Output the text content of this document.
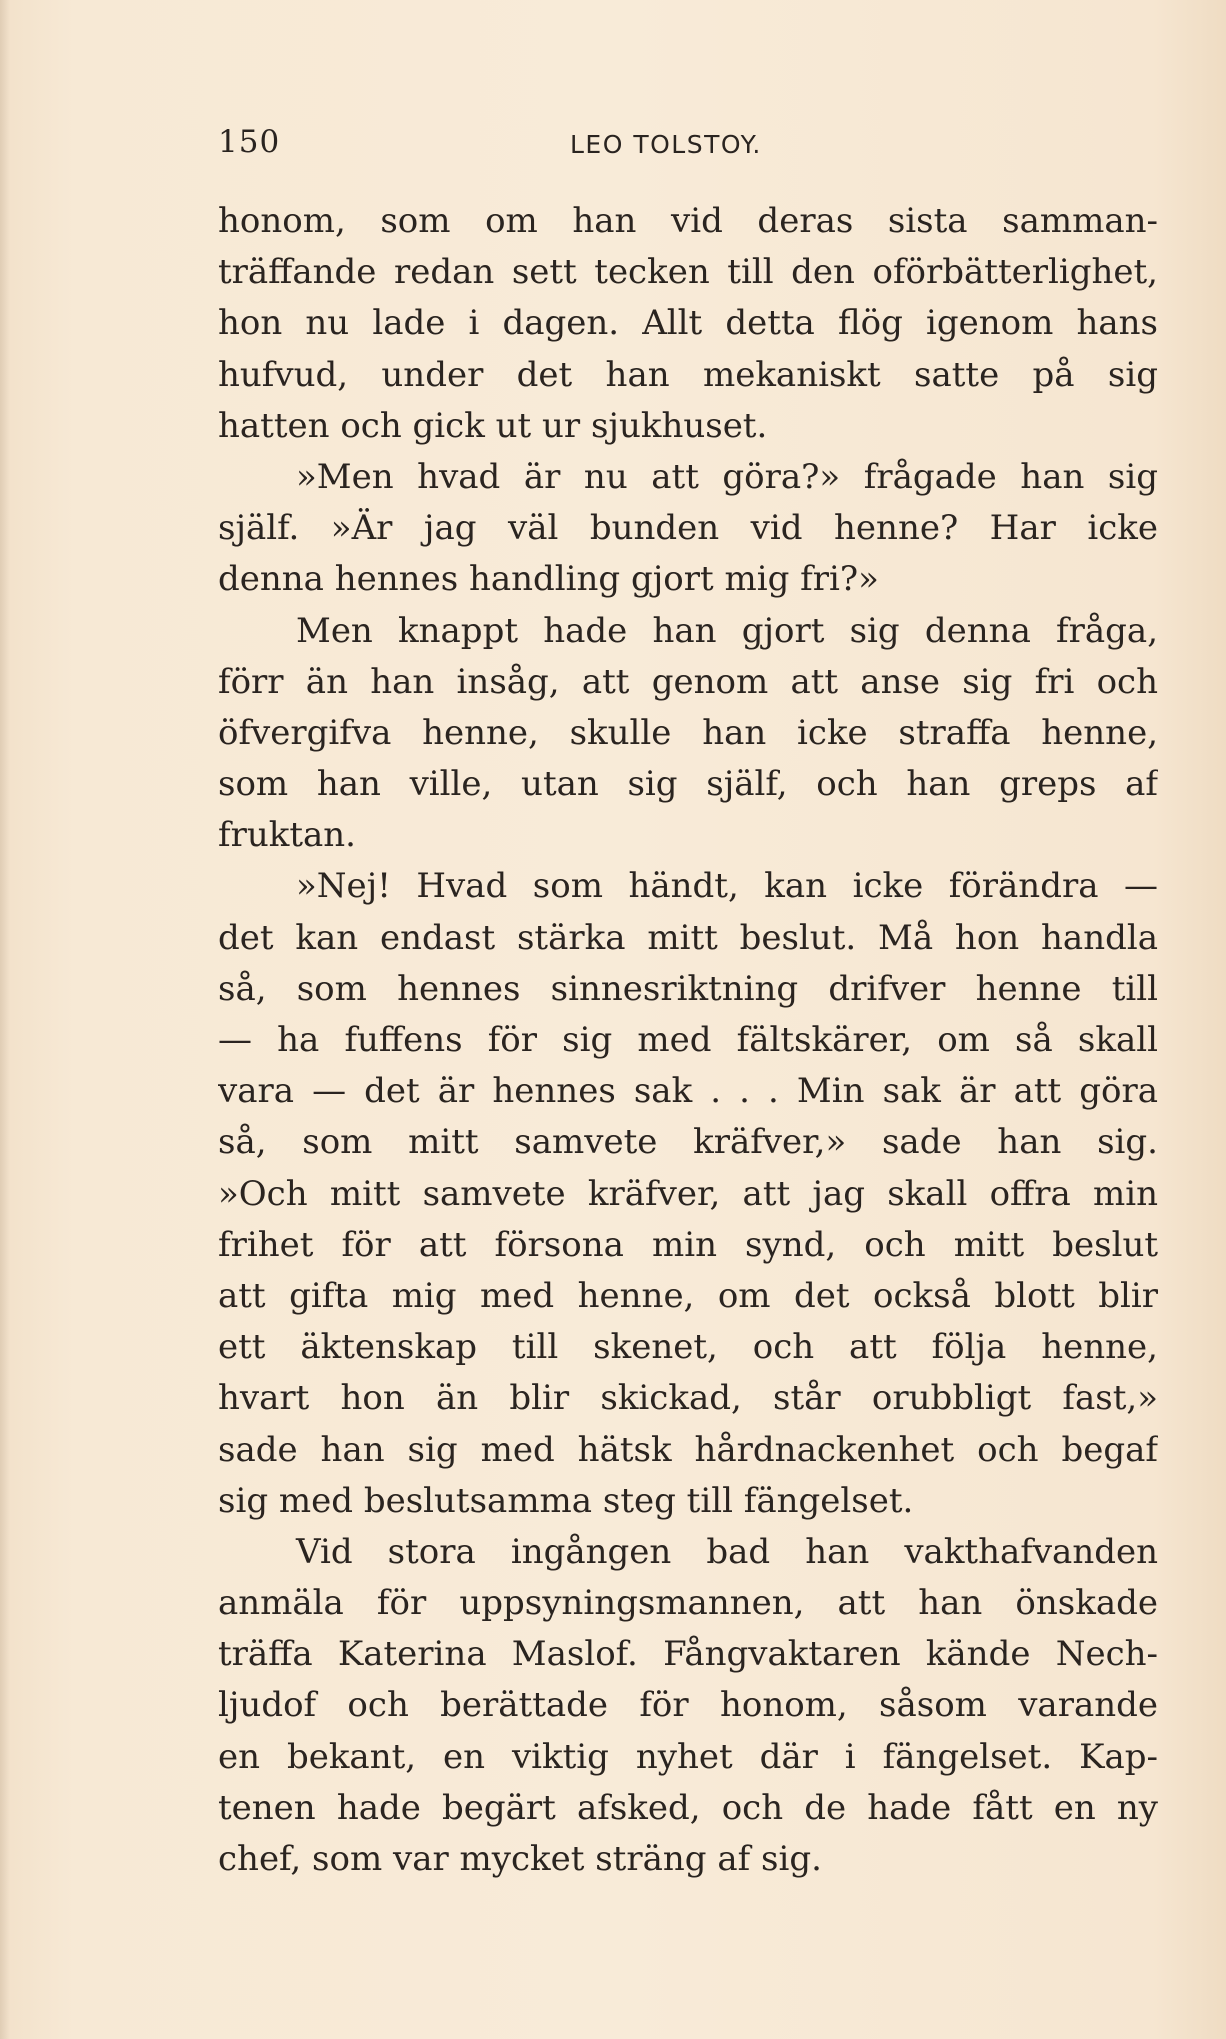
150	LEO TOLSTOY.
honom, som om han vid deras sista samman-
träffande redan sett tecken till den oförbätterlighet,
hon nu lade i dagen. Allt detta flög igenom hans
hufvud, under det han mekaniskt satte på sig
hatten och gick ut ur sjukhuset.
»Men hvad är nu att göra?» frågade han sig
själf. »Är jag väl bunden vid henne? Har icke
denna hennes handling gjort mig fri?»
Men knappt hade han gjort sig denna fråga,
förr än han insåg, att genom att anse sig fri och
öfvergifva henne, skulle han icke straffa henne,
som han ville, utan sig själf, och han greps af
fruktan.
»Nej! Hvad som händt, kan icke förändra —
det kan endast stärka mitt beslut. Må hon handla
så, som hennes sinnesriktning drifver henne till
— ha fuffens för sig med fältskärer, om så skall
vara — det är hennes sak . . . Min sak är att göra
så, som mitt samvete kräfver,» sade han sig.
»Och mitt samvete kräfver, att jag skall offra min
frihet för att försona min synd, och mitt beslut
att gifta mig med henne, om det också blott blir
ett äktenskap till skenet, och att följa henne,
hvart hon än blir skickad, står orubbligt fast,»
sade han sig med hätsk hårdnackenhet och begaf
sig med beslutsamma steg till fängelset.
Vid stora ingången bad han vakthafvanden
anmäla för uppsyningsmannen, att han önskade
träffa Katerina Maslof. Fångvaktaren kände Nech-
ljudof och berättade för honom, såsom varande
en bekant, en viktig nyhet där i fängelset. Kap-
tenen hade begärt afsked, och de hade fått en ny
chef, som var mycket sträng af sig.
